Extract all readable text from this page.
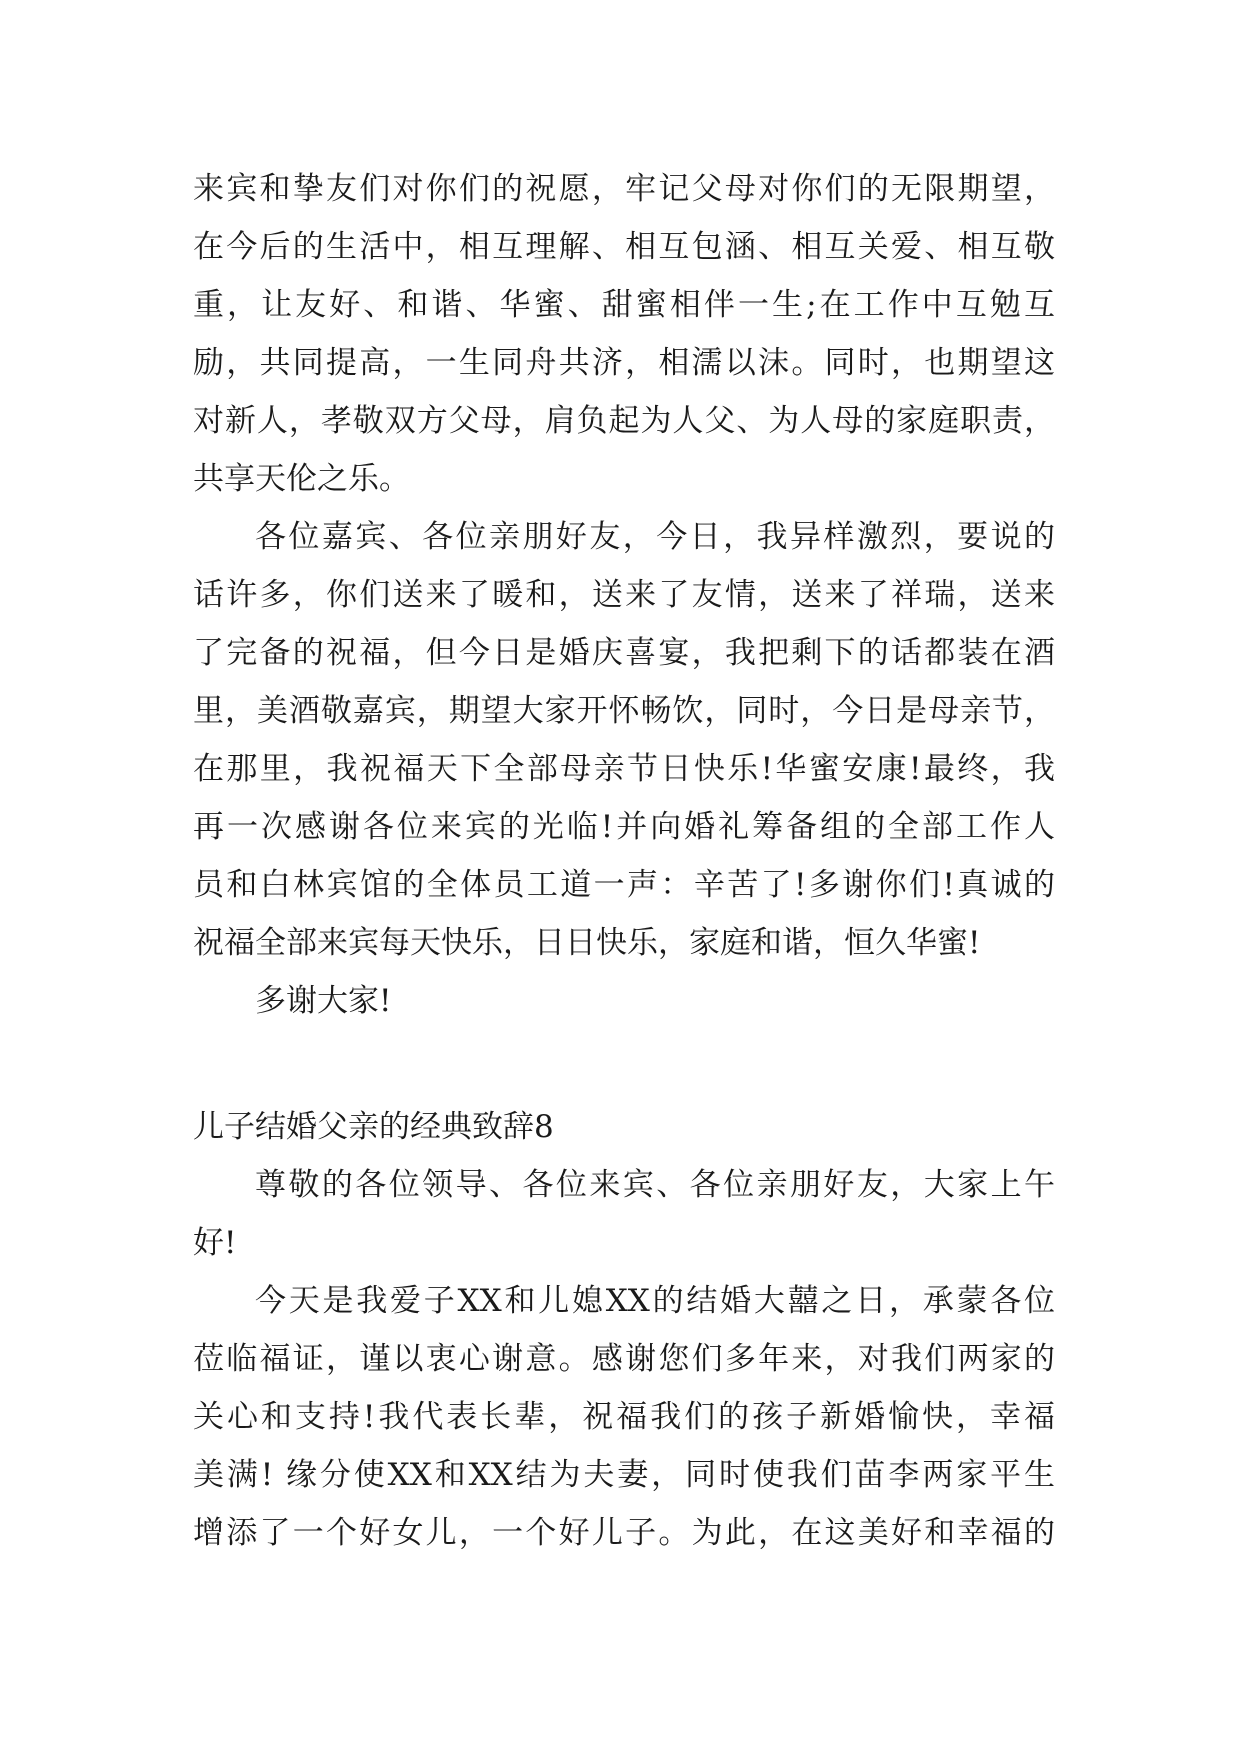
来宾和挚友们对你们的祝愿，牢记父母对你们的无限期望，
在今后的生活中，相互理解、相互包涵、相互关爱、相互敬
重，让友好、和谐、华蜜、甜蜜相伴一生;在工作中互勉互
励，共同提高，一生同舟共济，相濡以沫。同时，也期望这
对新人，孝敬双方父母，肩负起为人父、为人母的家庭职责，
共享天伦之乐。
各位嘉宾、各位亲朋好友，今日，我异样激烈，要说的
话许多，你们送来了暖和，送来了友情，送来了祥瑞，送来
了完备的祝福，但今日是婚庆喜宴，我把剩下的话都装在酒
里，美酒敬嘉宾，期望大家开怀畅饮，同时，今日是母亲节，
在那里，我祝福天下全部母亲节日快乐!华蜜安康!最终，我
再一次感谢各位来宾的光临!并向婚礼筹备组的全部工作人
员和白林宾馆的全体员工道一声：辛苦了!多谢你们!真诚的
祝福全部来宾每天快乐，日日快乐，家庭和谐，恒久华蜜!
多谢大家!
儿子结婚父亲的经典致辞8
尊敬的各位领导、各位来宾、各位亲朋好友，大家上午
好!
今天是我爱子XX和儿媳XX的结婚大囍之日，承蒙各位
莅临福证，谨以衷心谢意。感谢您们多年来，对我们两家的
关心和支持!我代表长辈，祝福我们的孩子新婚愉快，幸福
美满! 缘分使XX和XX结为夫妻，同时使我们苗李两家平生
增添了一个好女儿，一个好儿子。为此，在这美好和幸福的
